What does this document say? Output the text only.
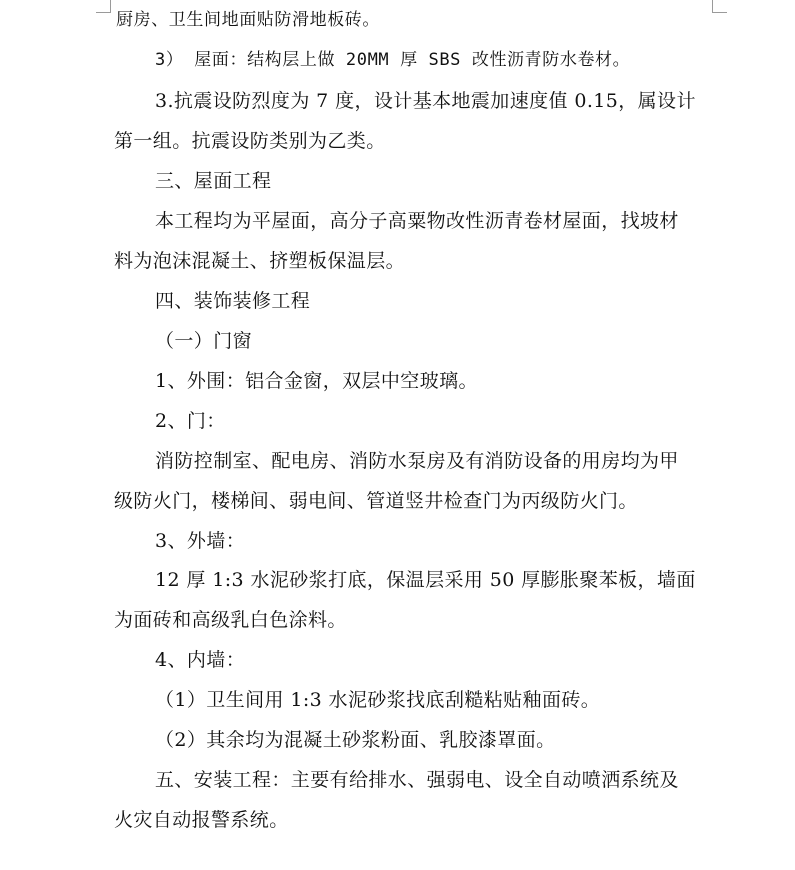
厨房、卫生间地面贴防滑地板砖。
3） 屋面：结构层上做 20MM 厚 SBS 改性沥青防水卷材。
3.抗震设防烈度为 7 度，设计基本地震加速度值 0.15，属设计
第一组。抗震设防类别为乙类。
三、屋面工程
本工程均为平屋面，高分子高粟物改性沥青卷材屋面，找坡材
料为泡沫混凝土、挤塑板保温层。
四、装饰装修工程
（一）门窗
1、外围：铝合金窗，双层中空玻璃。
2、门：
消防控制室、配电房、消防水泵房及有消防设备的用房均为甲
级防火门，楼梯间、弱电间、管道竖井检查门为丙级防火门。
3、外墙：
12 厚 1:3 水泥砂浆打底，保温层采用 50 厚膨胀聚苯板，墙面
为面砖和高级乳白色涂料。
4、内墙：
（1）卫生间用 1:3 水泥砂浆找底刮糙粘贴釉面砖。
（2）其余均为混凝土砂浆粉面、乳胶漆罩面。
五、安装工程：主要有给排水、强弱电、设全自动喷洒系统及
火灾自动报警系统。
